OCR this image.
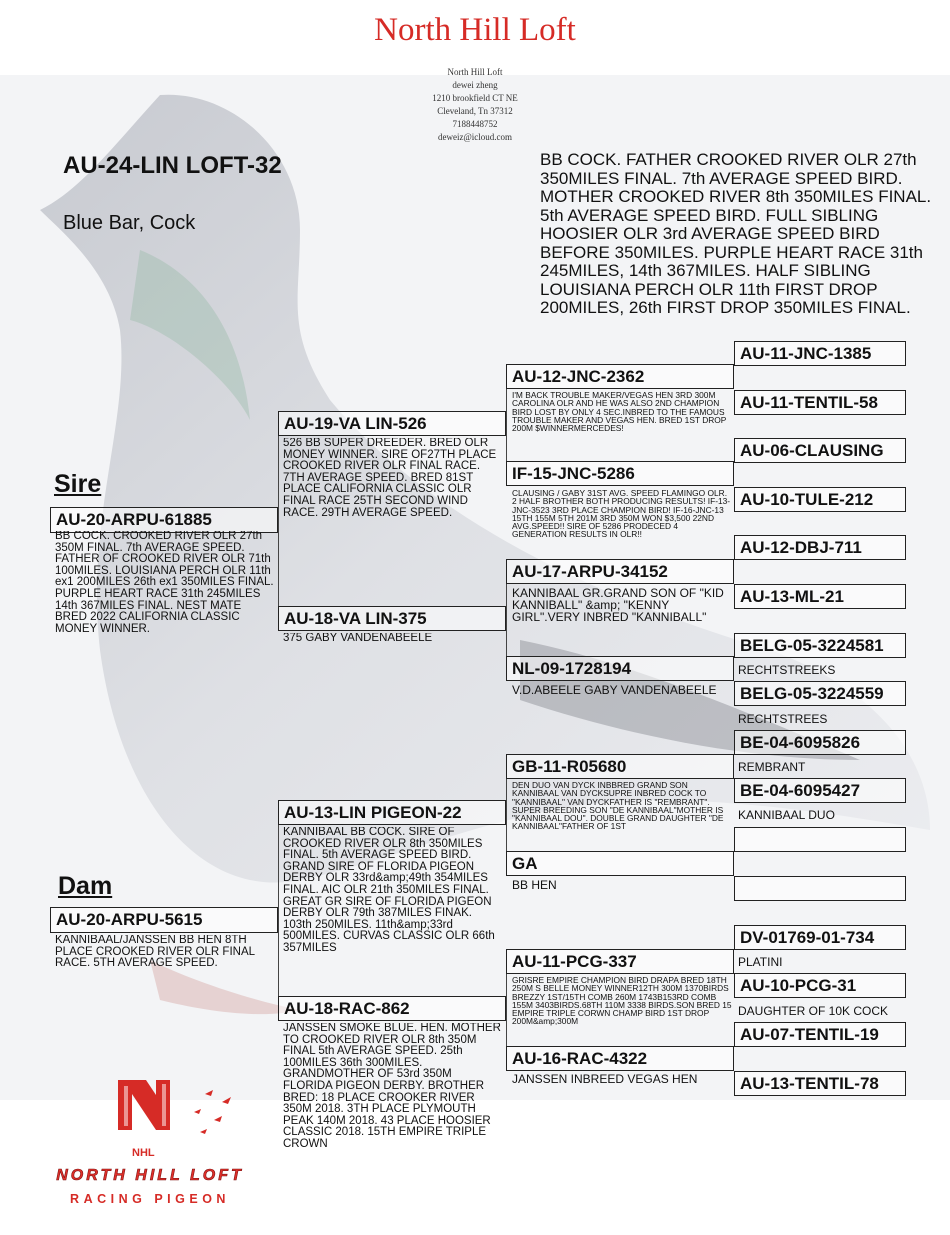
North Hill Loft
North Hill Loft
dewei zheng
1210 brookfield CT NE
Cleveland, Tn 37312
7188448752
deweiz@icloud.com
AU-24-LIN LOFT-32
Blue Bar, Cock
BB COCK. FATHER CROOKED RIVER OLR 27th 350MILES FINAL. 7th AVERAGE SPEED BIRD. MOTHER CROOKED RIVER 8th 350MILES FINAL. 5th AVERAGE SPEED BIRD. FULL SIBLING HOOSIER OLR 3rd AVERAGE SPEED BIRD BEFORE 350MILES. PURPLE HEART RACE 31th 245MILES, 14th 367MILES. HALF SIBLING LOUISIANA PERCH OLR 11th FIRST DROP 200MILES, 26th FIRST DROP 350MILES FINAL.
Sire
AU-20-ARPU-61885
BB COCK. CROOKED RIVER OLR 27th 350M FINAL. 7th AVERAGE SPEED. FATHER OF CROOKED RIVER OLR 71th 100MILES. LOUISIANA PERCH OLR 11th ex1 200MILES 26th ex1 350MILES FINAL. PURPLE HEART RACE 31th 245MILES 14th 367MILES FINAL. NEST MATE BRED 2022 CALIFORNIA CLASSIC MONEY WINNER.
Dam
AU-20-ARPU-5615
KANNIBAAL/JANSSEN BB HEN 8TH PLACE CROOKED RIVER OLR FINAL RACE. 5TH AVERAGE SPEED.
AU-19-VA LIN-526
526 BB SUPER DREEDER. BRED OLR MONEY WINNER. SIRE OF27TH PLACE CROOKED RIVER OLR FINAL RACE. 7TH AVERAGE SPEED. BRED 81ST PLACE CALIFORNIA CLASSIC OLR FINAL RACE 25TH SECOND WIND RACE. 29TH AVERAGE SPEED.
AU-18-VA LIN-375
375 GABY VANDENABEELE
AU-13-LIN PIGEON-22
KANNIBAAL BB COCK. SIRE OF CROOKED RIVER OLR 8th 350MILES FINAL. 5th AVERAGE SPEED BIRD. GRAND SIRE OF FLORIDA PIGEON DERBY OLR 33rd&amp;49th 354MILES FINAL. AIC OLR 21th 350MILES FINAL. GREAT GR SIRE OF FLORIDA PIGEON DERBY OLR 79th 387MILES FINAK. 103th 250MILES. 11th&amp;33rd 500MILES. CURVAS CLASSIC OLR 66th 357MILES
AU-18-RAC-862
JANSSEN SMOKE BLUE. HEN. MOTHER TO CROOKED RIVER OLR 8th 350M FINAL 5th AVERAGE SPEED. 25th 100MILES 36th 300MILES. GRANDMOTHER OF 53rd 350M FLORIDA PIGEON DERBY. BROTHER BRED: 18 PLACE CROOKER RIVER 350M 2018. 3TH PLACE PLYMOUTH PEAK 140M 2018. 43 PLACE HOOSIER CLASSIC 2018. 15TH EMPIRE TRIPLE CROWN
AU-12-JNC-2362
I'M BACK TROUBLE MAKER/VEGAS HEN 3RD 300M CAROLINA OLR AND HE WAS ALSO 2ND CHAMPION BIRD LOST BY ONLY 4 SEC.INBRED TO THE FAMOUS TROUBLE MAKER AND VEGAS HEN. BRED 1ST DROP 200M $WINNERMERCEDES!
IF-15-JNC-5286
CLAUSING / GABY 31ST AVG. SPEED FLAMINGO OLR. 2 HALF BROTHER BOTH PRODUCING RESULTS! IF-13-JNC-3523 3RD PLACE CHAMPION BIRD! IF-16-JNC-13 15TH 155M 5TH 201M 3RD 350M WON $3,500 22ND AVG.SPEED!! SIRE OF 5286 PRODECED 4 GENERATION RESULTS IN OLR!!
AU-17-ARPU-34152
KANNIBAAL GR.GRAND SON OF "KID KANNIBALL" &amp; "KENNY GIRL".VERY INBRED "KANNIBALL"
NL-09-1728194
V.D.ABEELE GABY VANDENABEELE
GB-11-R05680
DEN DUO VAN DYCK INBBRED GRAND SON KANNIBAAL VAN DYCKSUPRE INBRED COCK TO "KANNIBAAL" VAN DYCKFATHER IS "REMBRANT". SUPER BREEDING SON "DE KANNIBAAL"MOTHER IS "KANNIBAAL DOU". DOUBLE GRAND DAUGHTER "DE KANNIBAAL"FATHER OF 1ST
GA
BB HEN
AU-11-PCG-337
GRISRE EMPIRE CHAMPION BIRD DRAPA BRED 18TH 250M S BELLE MONEY WINNER12TH 300M 1370BIRDS BREZZY 1ST/15TH COMB 260M 1743B153RD COMB 155M 3403BIRDS.68TH 110M 3338 BIRDS.SON BRED 15 EMPIRE TRIPLE CORWN CHAMP BIRD 1ST DROP 200M&amp;300M
AU-16-RAC-4322
JANSSEN INBREED VEGAS HEN
AU-11-JNC-1385
AU-11-TENTIL-58
AU-06-CLAUSING
AU-10-TULE-212
AU-12-DBJ-711
AU-13-ML-21
BELG-05-3224581
RECHTSTREEKS
BELG-05-3224559
RECHTSTREES
BE-04-6095826
REMBRANT
BE-04-6095427
KANNIBAAL DUO
DV-01769-01-734
PLATINI
AU-10-PCG-31
DAUGHTER OF 10K COCK
AU-07-TENTIL-19
AU-13-TENTIL-78
NHL
NORTH HILL LOFT
RACING PIGEON
